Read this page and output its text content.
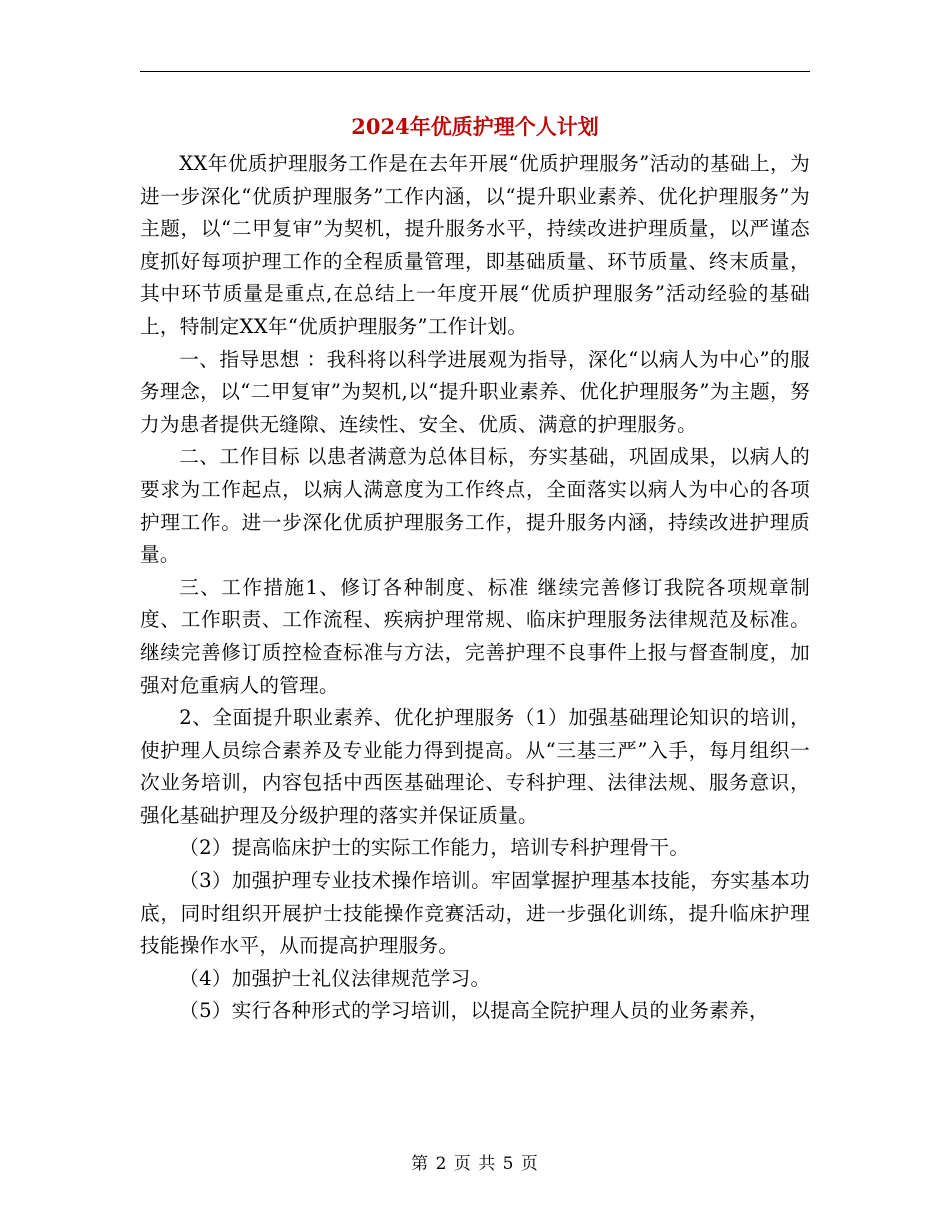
2024年优质护理个人计划

XX年优质护理服务工作是在去年开展“优质护理服务”活动的基础上，为进一步深化“优质护理服务”工作内涵，以“提升职业素养、优化护理服务”为主题，以“二甲复审”为契机，提升服务水平，持续改进护理质量，以严谨态度抓好每项护理工作的全程质量管理，即基础质量、环节质量、终末质量，其中环节质量是重点,在总结上一年度开展“优质护理服务”活动经验的基础上，特制定XX年“优质护理服务”工作计划。

一、指导思想 ：我科将以科学进展观为指导，深化“以病人为中心”的服务理念，以“二甲复审”为契机,以“提升职业素养、优化护理服务”为主题，努力为患者提供无缝隙、连续性、安全、优质、满意的护理服务。

二、工作目标 以患者满意为总体目标，夯实基础，巩固成果，以病人的要求为工作起点，以病人满意度为工作终点，全面落实以病人为中心的各项护理工作。进一步深化优质护理服务工作，提升服务内涵，持续改进护理质量。

三、工作措施1、修订各种制度、标准 继续完善修订我院各项规章制度、工作职责、工作流程、疾病护理常规、临床护理服务法律规范及标准。继续完善修订质控检查标准与方法，完善护理不良事件上报与督查制度，加强对危重病人的管理。

2、全面提升职业素养、优化护理服务（1）加强基础理论知识的培训，使护理人员综合素养及专业能力得到提高。从“三基三严”入手，每月组织一次业务培训，内容包括中西医基础理论、专科护理、法律法规、服务意识，强化基础护理及分级护理的落实并保证质量。

（2）提高临床护士的实际工作能力，培训专科护理骨干。

（3）加强护理专业技术操作培训。牢固掌握护理基本技能，夯实基本功底，同时组织开展护士技能操作竞赛活动，进一步强化训练，提升临床护理技能操作水平，从而提高护理服务。

（4）加强护士礼仪法律规范学习。

（5）实行各种形式的学习培训，以提高全院护理人员的业务素养，

第 2 页 共 5 页
